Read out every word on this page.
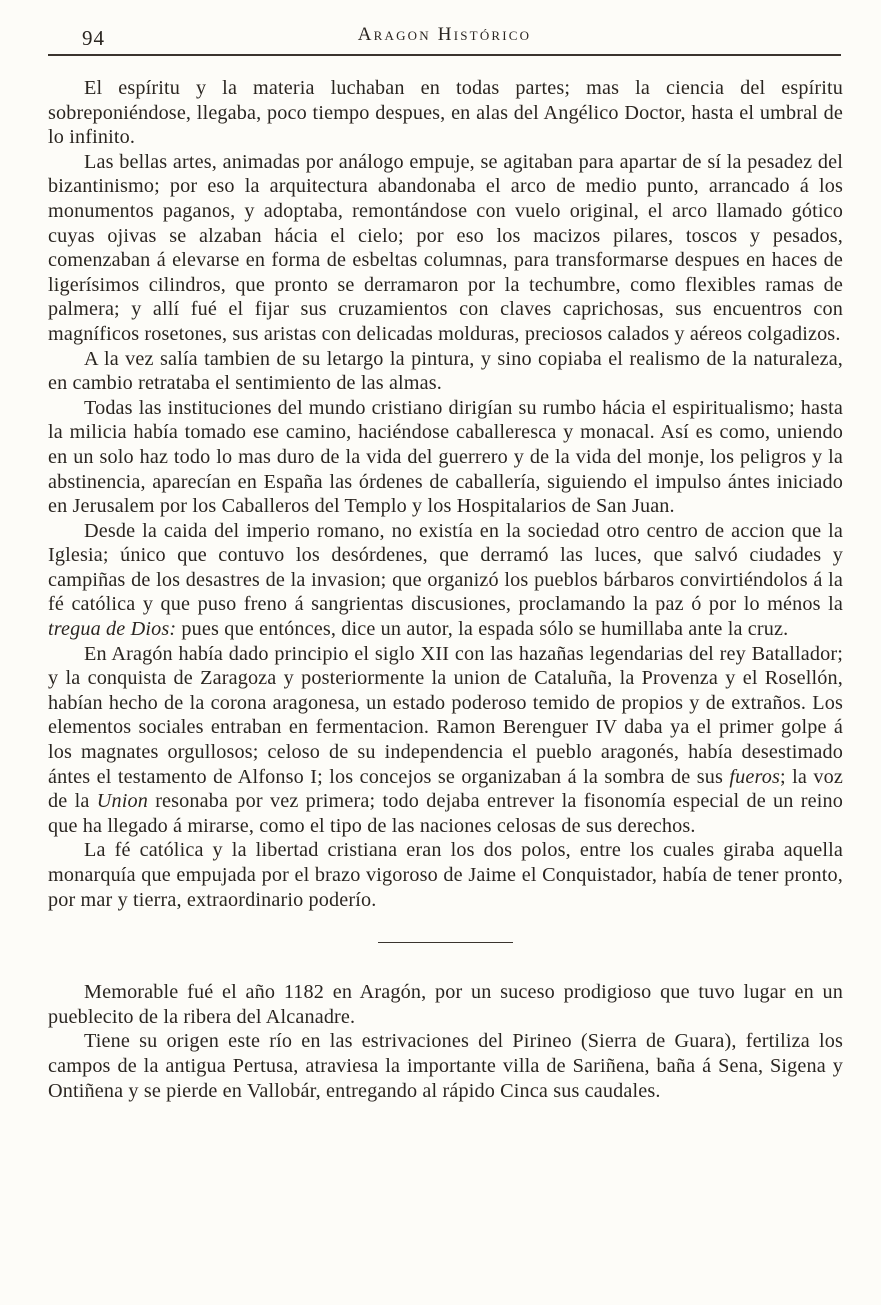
94	Aragon Histórico

El espíritu y la materia luchaban en todas partes; mas la ciencia del espíritu sobreponiéndose, llegaba, poco tiempo despues, en alas del Angélico Doctor, hasta el umbral de lo infinito.

Las bellas artes, animadas por análogo empuje, se agitaban para apartar de sí la pesadez del bizantinismo; por eso la arquitectura abandonaba el arco de medio punto, arrancado á los monumentos paganos, y adoptaba, remontándose con vuelo original, el arco llamado gótico cuyas ojivas se alzaban hácia el cielo; por eso los macizos pilares, toscos y pesados, comenzaban á elevarse en forma de esbeltas columnas, para transformarse despues en haces de ligerísimos cilindros, que pronto se derramaron por la techumbre, como flexibles ramas de palmera; y allí fué el fijar sus cruzamientos con claves caprichosas, sus encuentros con magníficos rosetones, sus aristas con delicadas molduras, preciosos calados y aéreos colgadizos.

A la vez salía tambien de su letargo la pintura, y sino copiaba el realismo de la naturaleza, en cambio retrataba el sentimiento de las almas.

Todas las instituciones del mundo cristiano dirigían su rumbo hácia el espiritualismo; hasta la milicia había tomado ese camino, haciéndose caballeresca y monacal. Así es como, uniendo en un solo haz todo lo mas duro de la vida del guerrero y de la vida del monje, los peligros y la abstinencia, aparecían en España las órdenes de caballería, siguiendo el impulso ántes iniciado en Jerusalem por los Caballeros del Templo y los Hospitalarios de San Juan.

Desde la caida del imperio romano, no existía en la sociedad otro centro de accion que la Iglesia; único que contuvo los desórdenes, que derramó las luces, que salvó ciudades y campiñas de los desastres de la invasion; que organizó los pueblos bárbaros convirtiéndolos á la fé católica y que puso freno á sangrientas discusiones, proclamando la paz ó por lo ménos la tregua de Dios: pues que entónces, dice un autor, la espada sólo se humillaba ante la cruz.

En Aragón había dado principio el siglo XII con las hazañas legendarias del rey Batallador; y la conquista de Zaragoza y posteriormente la union de Cataluña, la Provenza y el Rosellón, habían hecho de la corona aragonesa, un estado poderoso temido de propios y de extraños. Los elementos sociales entraban en fermentacion. Ramon Berenguer IV daba ya el primer golpe á los magnates orgullosos; celoso de su independencia el pueblo aragonés, había desestimado ántes el testamento de Alfonso I; los concejos se organizaban á la sombra de sus fueros; la voz de la Union resonaba por vez primera; todo dejaba entrever la fisonomía especial de un reino que ha llegado á mirarse, como el tipo de las naciones celosas de sus derechos.

La fé católica y la libertad cristiana eran los dos polos, entre los cuales giraba aquella monarquía que empujada por el brazo vigoroso de Jaime el Conquistador, había de tener pronto, por mar y tierra, extraordinario poderío.

Memorable fué el año 1182 en Aragón, por un suceso prodigioso que tuvo lugar en un pueblecito de la ribera del Alcanadre.

Tiene su origen este río en las estrivaciones del Pirineo (Sierra de Guara), fertiliza los campos de la antigua Pertusa, atraviesa la importante villa de Sariñena, baña á Sena, Sigena y Ontiñena y se pierde en Vallobár, entregando al rápido Cinca sus caudales.
